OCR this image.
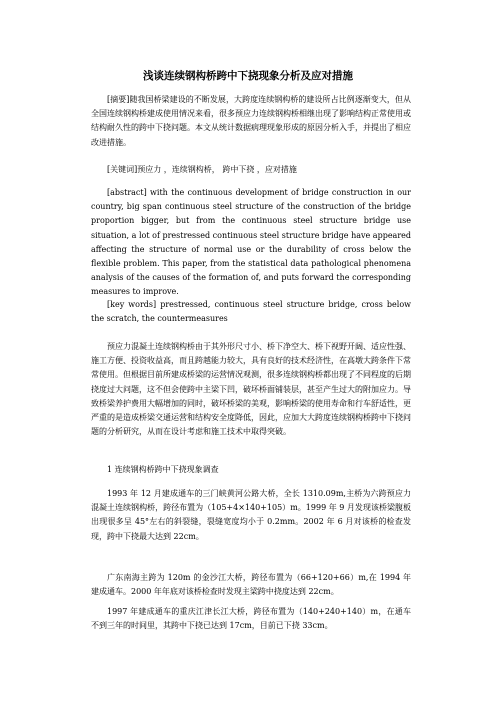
浅谈连续钢构桥跨中下挠现象分析及应对措施

[摘要]随我国桥梁建设的不断发展，大跨度连续钢构桥的建设所占比例逐渐变大，但从全国连续钢构桥建成使用情况来看，很多预应力连续钢构桥相继出现了影响结构正常使用或结构耐久性的跨中下挠问题。本文从统计数据病理现象形成的原因分析入手，并提出了相应改进措施。

[关键词]预应力 ，连续钢构桥， 跨中下挠 ，应对措施

[abstract] with the continuous development of bridge construction in our country, big span continuous steel structure of the construction of the bridge proportion bigger, but from the continuous steel structure bridge use situation, a lot of prestressed continuous steel structure bridge have appeared affecting the structure of normal use or the durability of cross below the flexible problem. This paper, from the statistical data pathological phenomena analysis of the causes of the formation of, and puts forward the corresponding measures to improve.

[key words] prestressed, continuous steel structure bridge, cross below the scratch, the countermeasures

预应力混凝土连续钢构桥由于其外形尺寸小、桥下净空大、桥下视野开阔、适应性强、施工方便、投资收益高，而且跨越能力较大，具有良好的技术经济性，在高墩大跨条件下常常使用。但根据目前所建成桥梁的运营情况观测，很多连续钢构桥都出现了不同程度的后期挠度过大问题，这不但会使跨中主梁下凹，破坏桥面铺装层，甚至产生过大的附加应力。导致桥梁养护费用大幅增加的同时，破坏桥梁的美观，影响桥梁的使用寿命和行车舒适性，更严重的是造成桥梁交通运营和结构安全度降低，因此，应加大大跨度连续钢构桥跨中下挠问题的分析研究，从而在设计考虑和施工技术中取得突破。

1 连续钢构桥跨中下挠现象调查

1993 年 12 月建成通车的三门峡黄河公路大桥，全长 1310.09m,主桥为六跨预应力混凝土连续钢构桥，跨径布置为（105+4×140+105）m。1999 年 9 月发现该桥梁腹板出现很多呈 45°左右的斜裂缝，裂缝宽度均小于 0.2mm。2002 年 6 月对该桥的检查发现，跨中下挠最大达到 22cm。

广东南海主跨为 120m 的金沙江大桥，跨径布置为（66+120+66）m,在 1994 年建成通车。2000 年年底对该桥检查时发现主梁跨中挠度达到 22cm。

1997 年建成通车的重庆江津长江大桥，跨径布置为（140+240+140）m，在通车不到三年的时间里，其跨中下挠已达到 17cm，目前已下挠 33cm。
